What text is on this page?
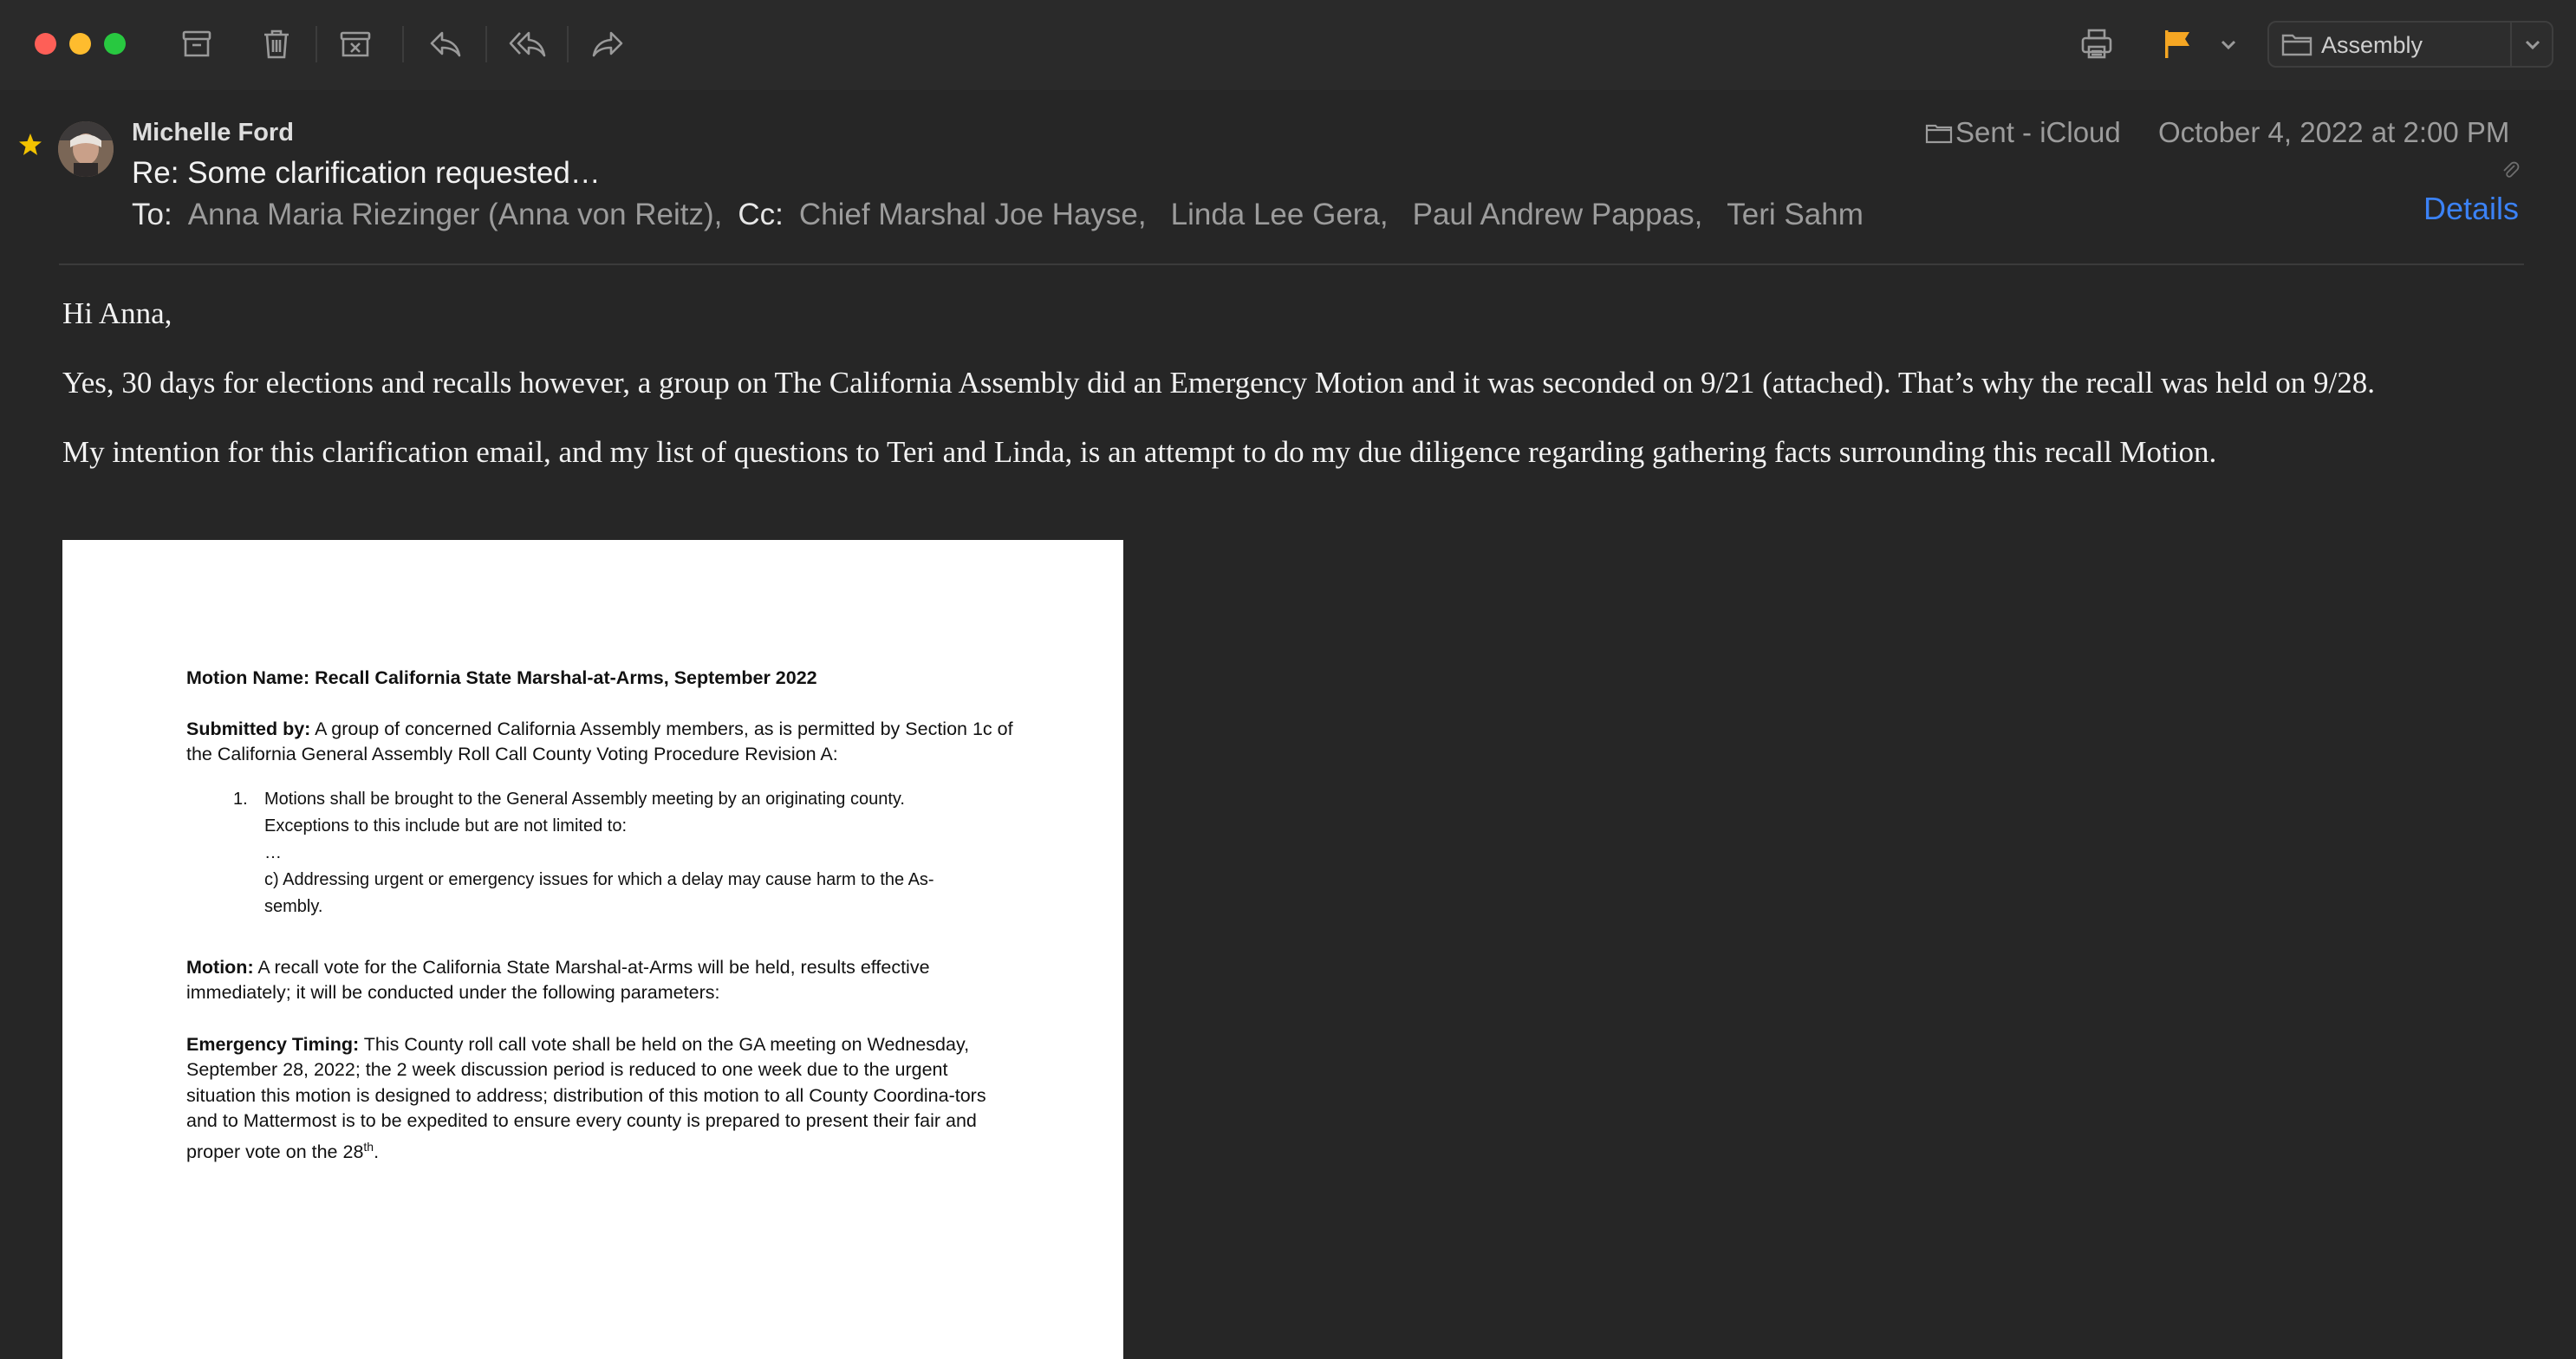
Assembly
Michelle Ford
Re: Some clarification requested…
To: Anna Maria Riezinger (Anna von Reitz), Cc: Chief Marshal Joe Hayse, Linda Lee Gera, Paul Andrew Pappas, Teri Sahm
Sent - iCloud October 4, 2022 at 2:00 PM
Details
Hi Anna,
Yes, 30 days for elections and recalls however, a group on The California Assembly did an Emergency Motion and it was seconded on 9/21 (attached). That’s why the recall was held on 9/28.
My intention for this clarification email, and my list of questions to Teri and Linda, is an attempt to do my due diligence regarding gathering facts surrounding this recall Motion.

Motion Name: Recall California State Marshal-at-Arms, September 2022

Submitted by: A group of concerned California Assembly members, as is permitted by Section 1c of the California General Assembly Roll Call County Voting Procedure Revision A:

1. Motions shall be brought to the General Assembly meeting by an originating county.
Exceptions to this include but are not limited to:
…
c) Addressing urgent or emergency issues for which a delay may cause harm to the As-
sembly.

Motion: A recall vote for the California State Marshal-at-Arms will be held, results effective immediately; it will be conducted under the following parameters:

Emergency Timing: This County roll call vote shall be held on the GA meeting on Wednesday, September 28, 2022; the 2 week discussion period is reduced to one week due to the urgent situation this motion is designed to address; distribution of this motion to all County Coordina-tors and to Mattermost is to be expedited to ensure every county is prepared to present their fair and proper vote on the 28th.
